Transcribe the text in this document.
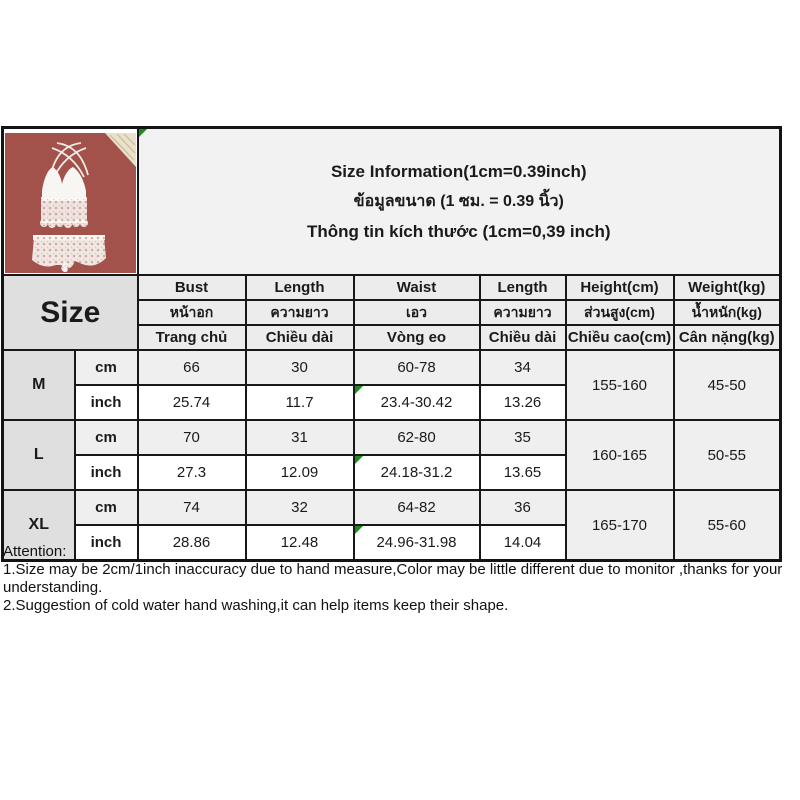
Size Information(1cm=0.39inch)
ข้อมูลขนาด (1 ซม. = 0.39 นิ้ว)
Thông tin kích thước (1cm=0,39 inch)					

Size		Bust	Length	Waist	Length	Height(cm)	Weight(kg)
		หน้าอก	ความยาว	เอว	ความยาว	ส่วนสูง(cm)	น้ำหนัก(kg)
		Trang chủ	Chiều dài	Vòng eo	Chiều dài	Chiều cao(cm)	Cân nặng(kg)
M	cm	66	30	60-78	34	155-160	45-50
	inch	25.74	11.7	23.4-30.42	13.26		
L	cm	70	31	62-80	35	160-165	50-55
	inch	27.3	12.09	24.18-31.2	13.65		
XL	cm	74	32	64-82	36	165-170	55-60
	inch	28.86	12.48	24.96-31.98	14.04		
Attention:
1.Size may be 2cm/1inch inaccuracy due to hand measure,Color may be little different due to monitor ,thanks for your understanding.
2.Suggestion of cold water hand washing,it can help items keep their shape.
